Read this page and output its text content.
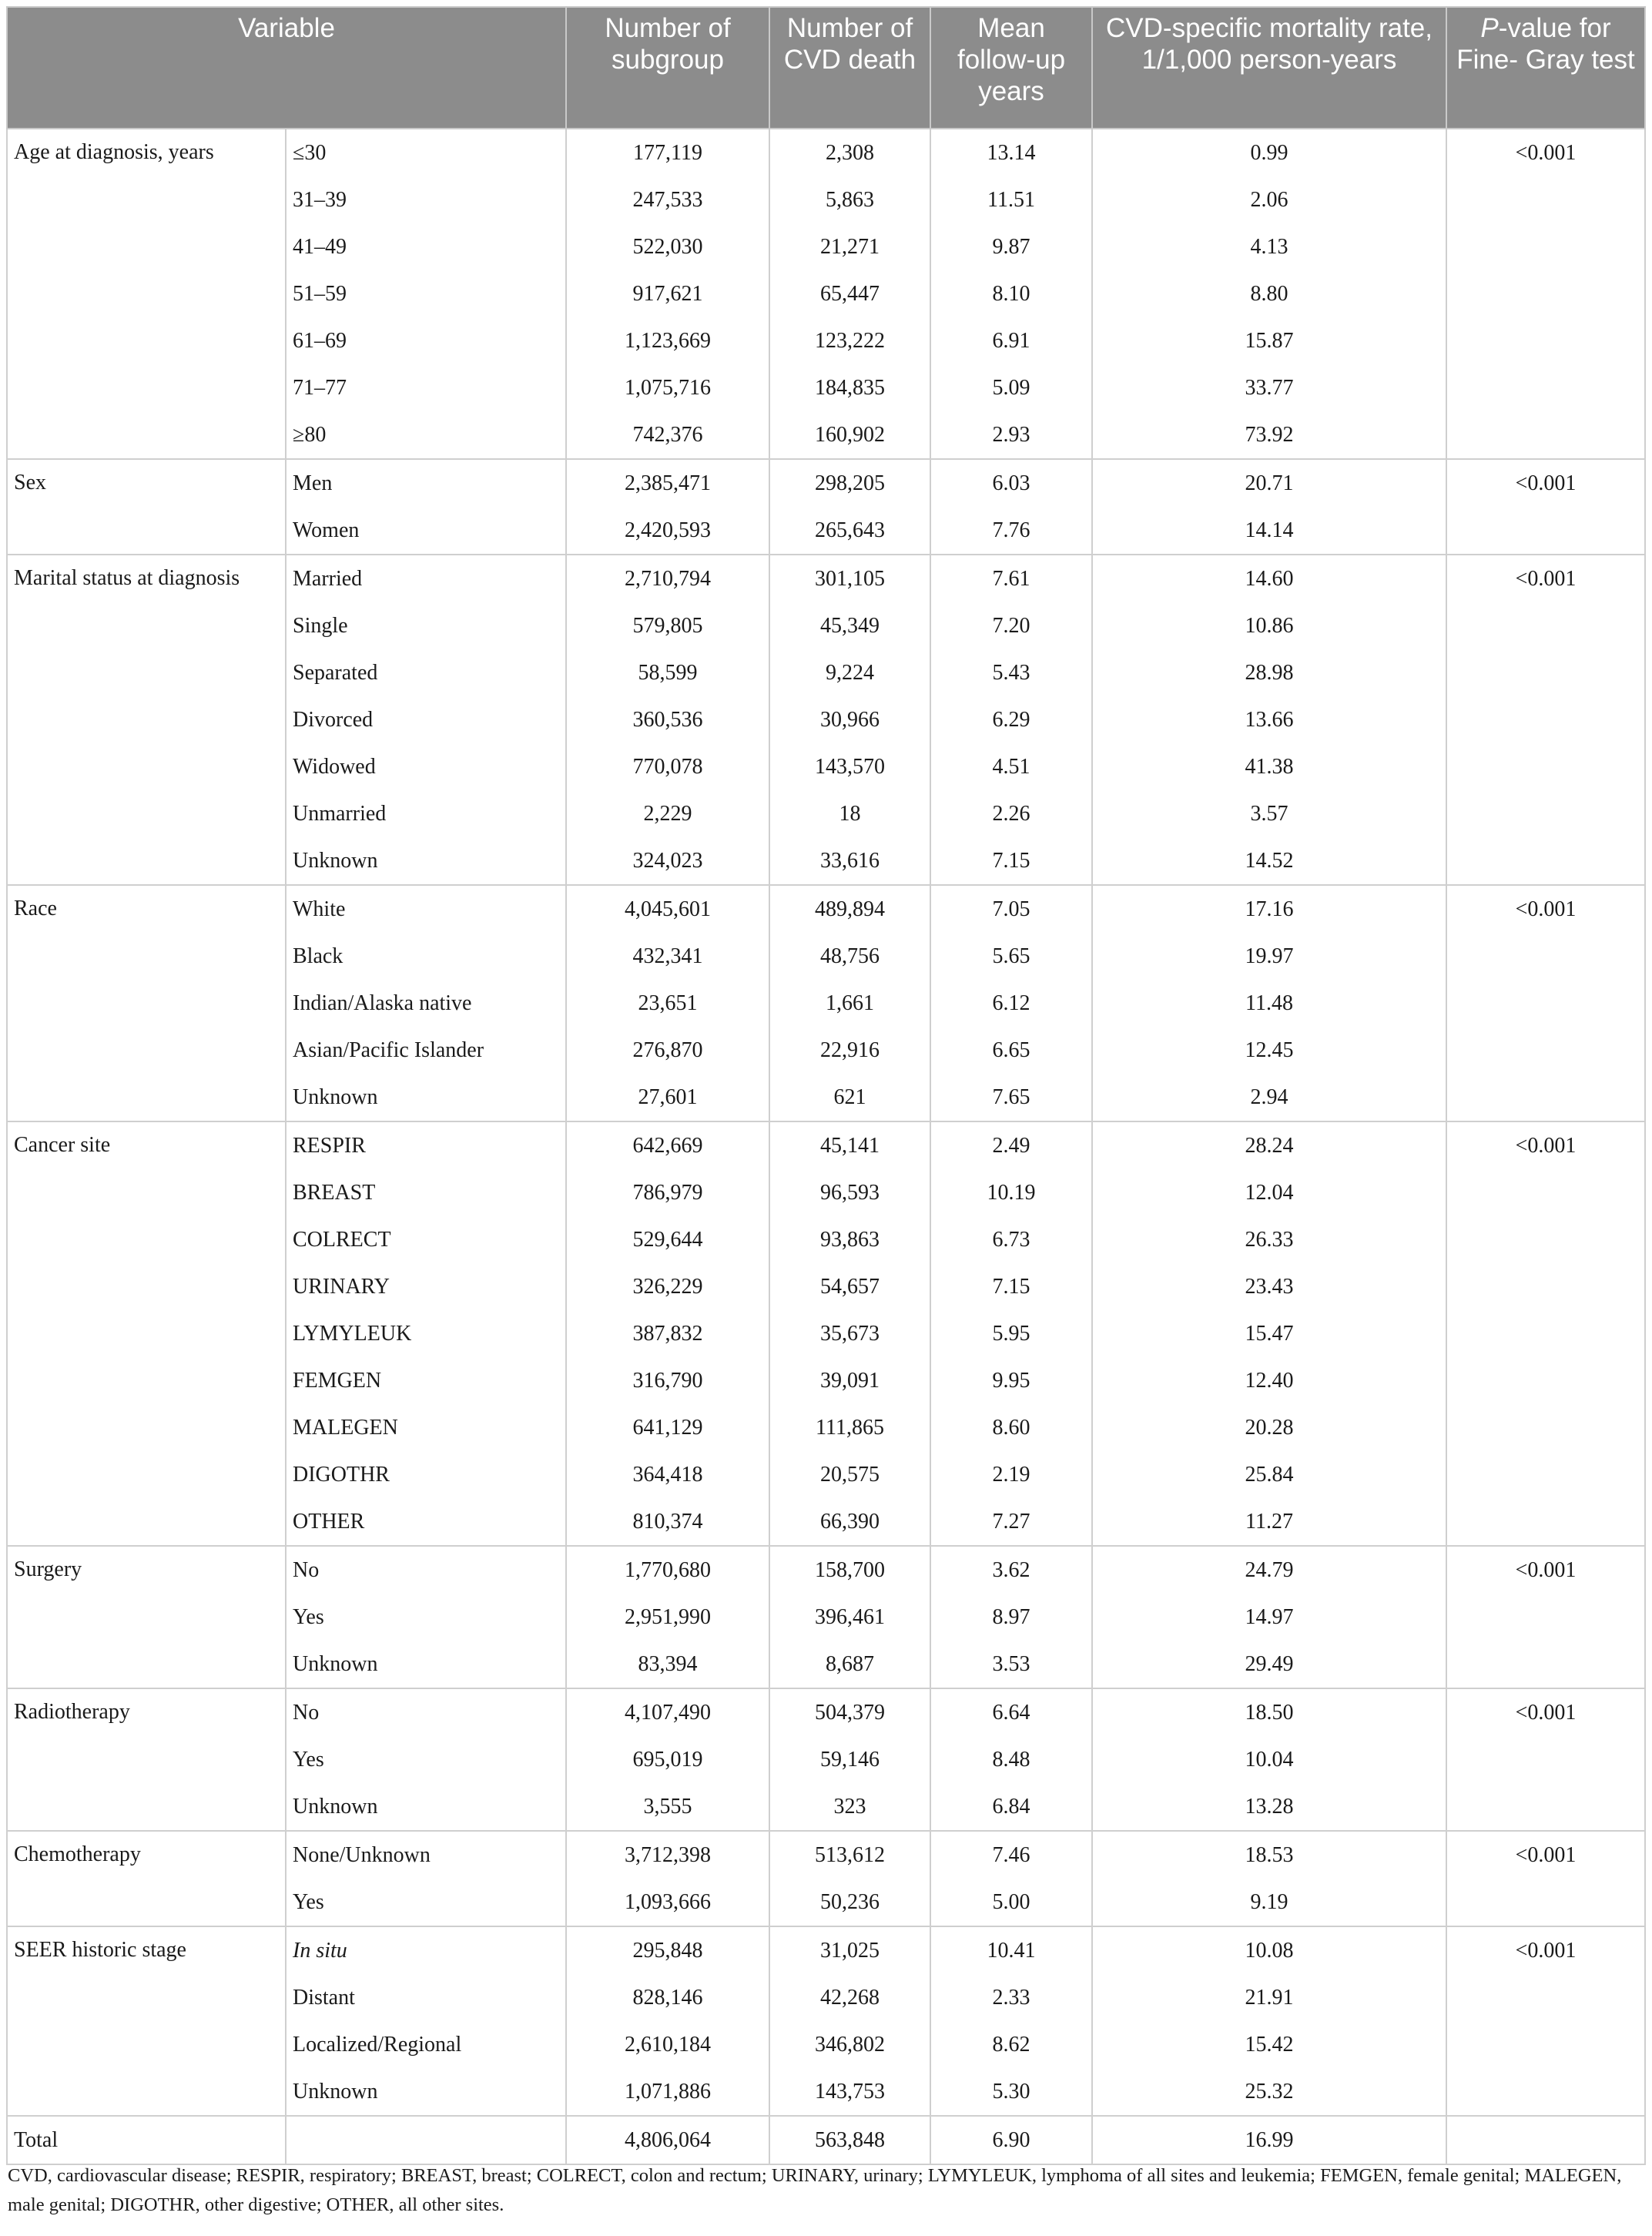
Variable		Number of subgroup	Number of CVD death	Mean follow-up years	CVD-specific mortality rate, 1/1,000 person-years	P-value for Fine- Gray test
Age at diagnosis, years	≤30	177,119	2,308	13.14	0.99	<0.001
	31–39	247,533	5,863	11.51	2.06	
	41–49	522,030	21,271	9.87	4.13	
	51–59	917,621	65,447	8.10	8.80	
	61–69	1,123,669	123,222	6.91	15.87	
	71–77	1,075,716	184,835	5.09	33.77	
	≥80	742,376	160,902	2.93	73.92	
Sex	Men	2,385,471	298,205	6.03	20.71	<0.001
	Women	2,420,593	265,643	7.76	14.14	
Marital status at diagnosis	Married	2,710,794	301,105	7.61	14.60	<0.001
	Single	579,805	45,349	7.20	10.86	
	Separated	58,599	9,224	5.43	28.98	
	Divorced	360,536	30,966	6.29	13.66	
	Widowed	770,078	143,570	4.51	41.38	
	Unmarried	2,229	18	2.26	3.57	
	Unknown	324,023	33,616	7.15	14.52	
Race	White	4,045,601	489,894	7.05	17.16	<0.001
	Black	432,341	48,756	5.65	19.97	
	Indian/Alaska native	23,651	1,661	6.12	11.48	
	Asian/Pacific Islander	276,870	22,916	6.65	12.45	
	Unknown	27,601	621	7.65	2.94	
Cancer site	RESPIR	642,669	45,141	2.49	28.24	<0.001
	BREAST	786,979	96,593	10.19	12.04	
	COLRECT	529,644	93,863	6.73	26.33	
	URINARY	326,229	54,657	7.15	23.43	
	LYMYLEUK	387,832	35,673	5.95	15.47	
	FEMGEN	316,790	39,091	9.95	12.40	
	MALEGEN	641,129	111,865	8.60	20.28	
	DIGOTHR	364,418	20,575	2.19	25.84	
	OTHER	810,374	66,390	7.27	11.27	
Surgery	No	1,770,680	158,700	3.62	24.79	<0.001
	Yes	2,951,990	396,461	8.97	14.97	
	Unknown	83,394	8,687	3.53	29.49	
Radiotherapy	No	4,107,490	504,379	6.64	18.50	<0.001
	Yes	695,019	59,146	8.48	10.04	
	Unknown	3,555	323	6.84	13.28	
Chemotherapy	None/Unknown	3,712,398	513,612	7.46	18.53	<0.001
	Yes	1,093,666	50,236	5.00	9.19	
SEER historic stage	In situ	295,848	31,025	10.41	10.08	<0.001
	Distant	828,146	42,268	2.33	21.91	
	Localized/Regional	2,610,184	346,802	8.62	15.42	
	Unknown	1,071,886	143,753	5.30	25.32	
Total		4,806,064	563,848	6.90	16.99	
CVD, cardiovascular disease; RESPIR, respiratory; BREAST, breast; COLRECT, colon and rectum; URINARY, urinary; LYMYLEUK, lymphoma of all sites and leukemia; FEMGEN, female genital; MALEGEN, male genital; DIGOTHR, other digestive; OTHER, all other sites.
